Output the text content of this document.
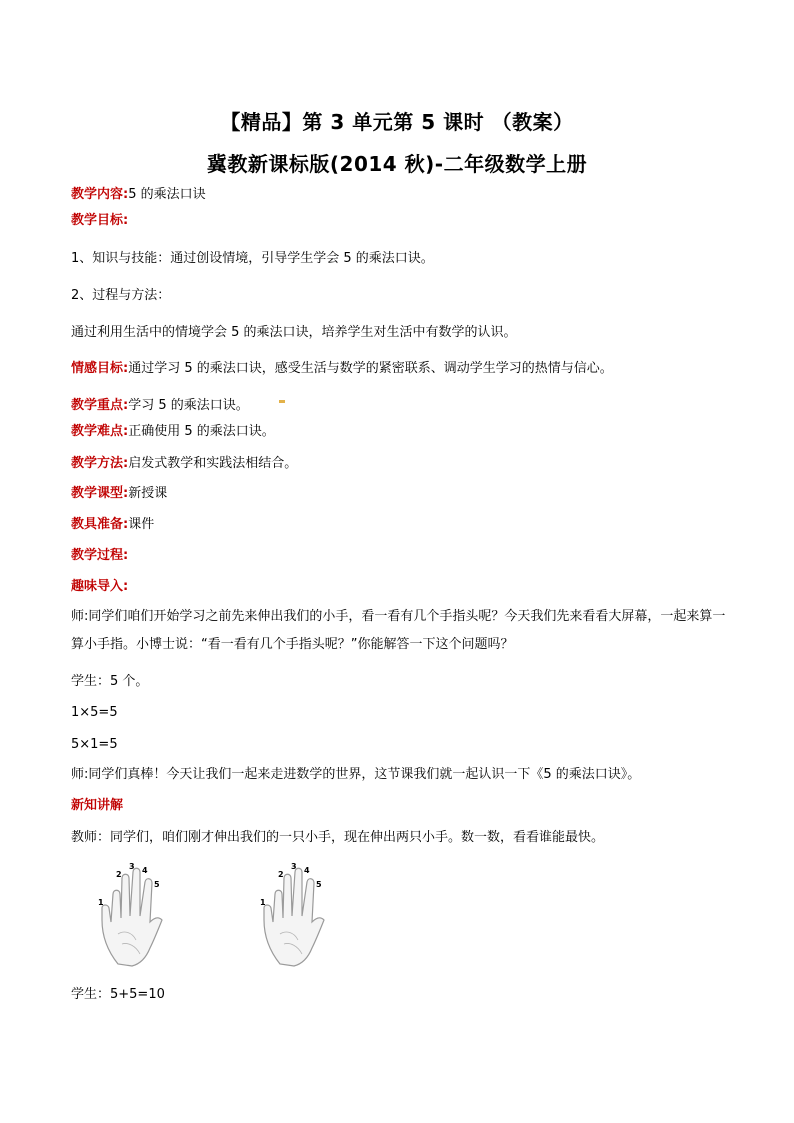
【精品】第 3 单元第 5 课时 （教案）
冀教新课标版(2014 秋)-二年级数学上册
教学内容:5 的乘法口诀
教学目标:
1、知识与技能：通过创设情境，引导学生学会 5 的乘法口诀。
2、过程与方法：
通过利用生活中的情境学会 5 的乘法口诀，培养学生对生活中有数学的认识。
情感目标:通过学习 5 的乘法口诀，感受生活与数学的紧密联系、调动学生学习的热情与信心。
教学重点:学习 5 的乘法口诀。
教学难点:正确使用 5 的乘法口诀。
教学方法:启发式教学和实践法相结合。
教学课型:新授课
教具准备:课件
教学过程:
趣味导入:
师:同学们咱们开始学习之前先来伸出我们的小手，看一看有几个手指头呢？今天我们先来看看大屏幕，一起来算一算小手指。小博士说：“看一看有几个手指头呢？”你能解答一下这个问题吗？
学生：5 个。
1×5=5
5×1=5
师:同学们真棒！今天让我们一起来走进数学的世界，这节课我们就一起认识一下《5 的乘法口诀》。
新知讲解
教师：同学们，咱们刚才伸出我们的一只小手，现在伸出两只小手。数一数，看看谁能最快。
1
2
3 4
5
1
2
3 4
5
学生：5+5=10
